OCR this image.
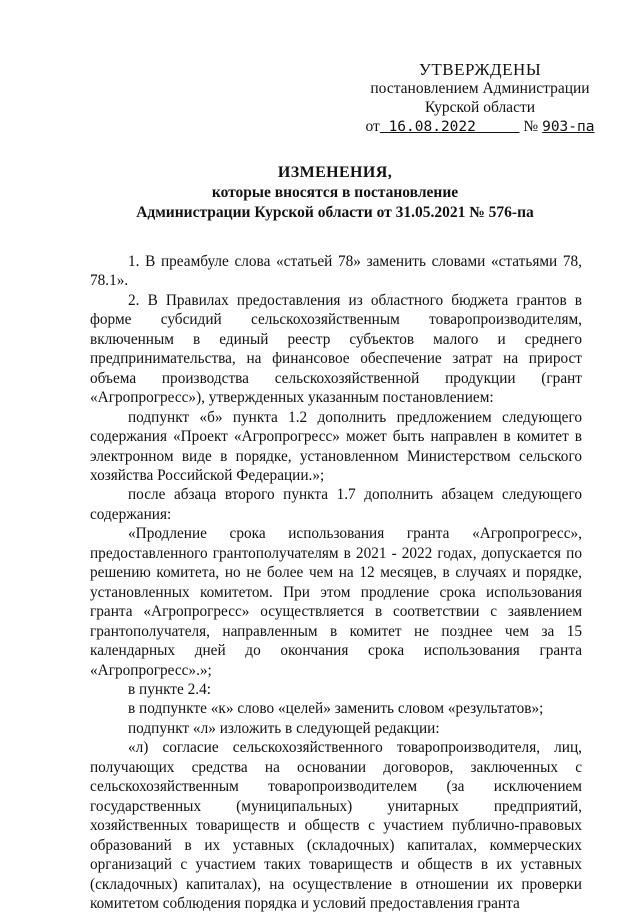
УТВЕРЖДЕНЫ
постановлением Администрации
Курской области
от 16.08.2022	№ 903-па
ИЗМЕНЕНИЯ,
которые вносятся в постановление
Администрации Курской области от 31.05.2021 № 576-па

1. В преамбуле слова «статьей 78» заменить словами «статьями 78, 78.1».

2. В Правилах предоставления из областного бюджета грантов в форме субсидий сельскохозяйственным товаропроизводителям, включенным в единый реестр субъектов малого и среднего предпринимательства, на финансовое обеспечение затрат на прирост объема производства сельскохозяйственной продукции (грант «Агропрогресс»), утвержденных указанным постановлением:

подпункт «б» пункта 1.2 дополнить предложением следующего содержания «Проект «Агропрогресс» может быть направлен в комитет в электронном виде в порядке, установленном Министерством сельского хозяйства Российской Федерации.»;

после абзаца второго пункта 1.7 дополнить абзацем следующего содержания:

«Продление срока использования гранта «Агропрогресс», предоставленного грантополучателям в 2021 - 2022 годах, допускается по решению комитета, но не более чем на 12 месяцев, в случаях и порядке, установленных комитетом. При этом продление срока использования гранта «Агропрогресс» осуществляется в соответствии с заявлением грантополучателя, направленным в комитет не позднее чем за 15 календарных дней до окончания срока использования гранта «Агропрогресс».»;

в пункте 2.4:

в подпункте «к» слово «целей» заменить словом «результатов»;

подпункт «л» изложить в следующей редакции:

«л) согласие сельскохозяйственного товаропроизводителя, лиц, получающих средства на основании договоров, заключенных с сельскохозяйственным товаропроизводителем (за исключением государственных (муниципальных) унитарных предприятий, хозяйственных товариществ и обществ с участием публично-правовых образований в их уставных (складочных) капиталах, коммерческих организаций с участием таких товариществ и обществ в их уставных (складочных) капиталах), на осуществление в отношении их проверки комитетом соблюдения порядка и условий предоставления гранта
